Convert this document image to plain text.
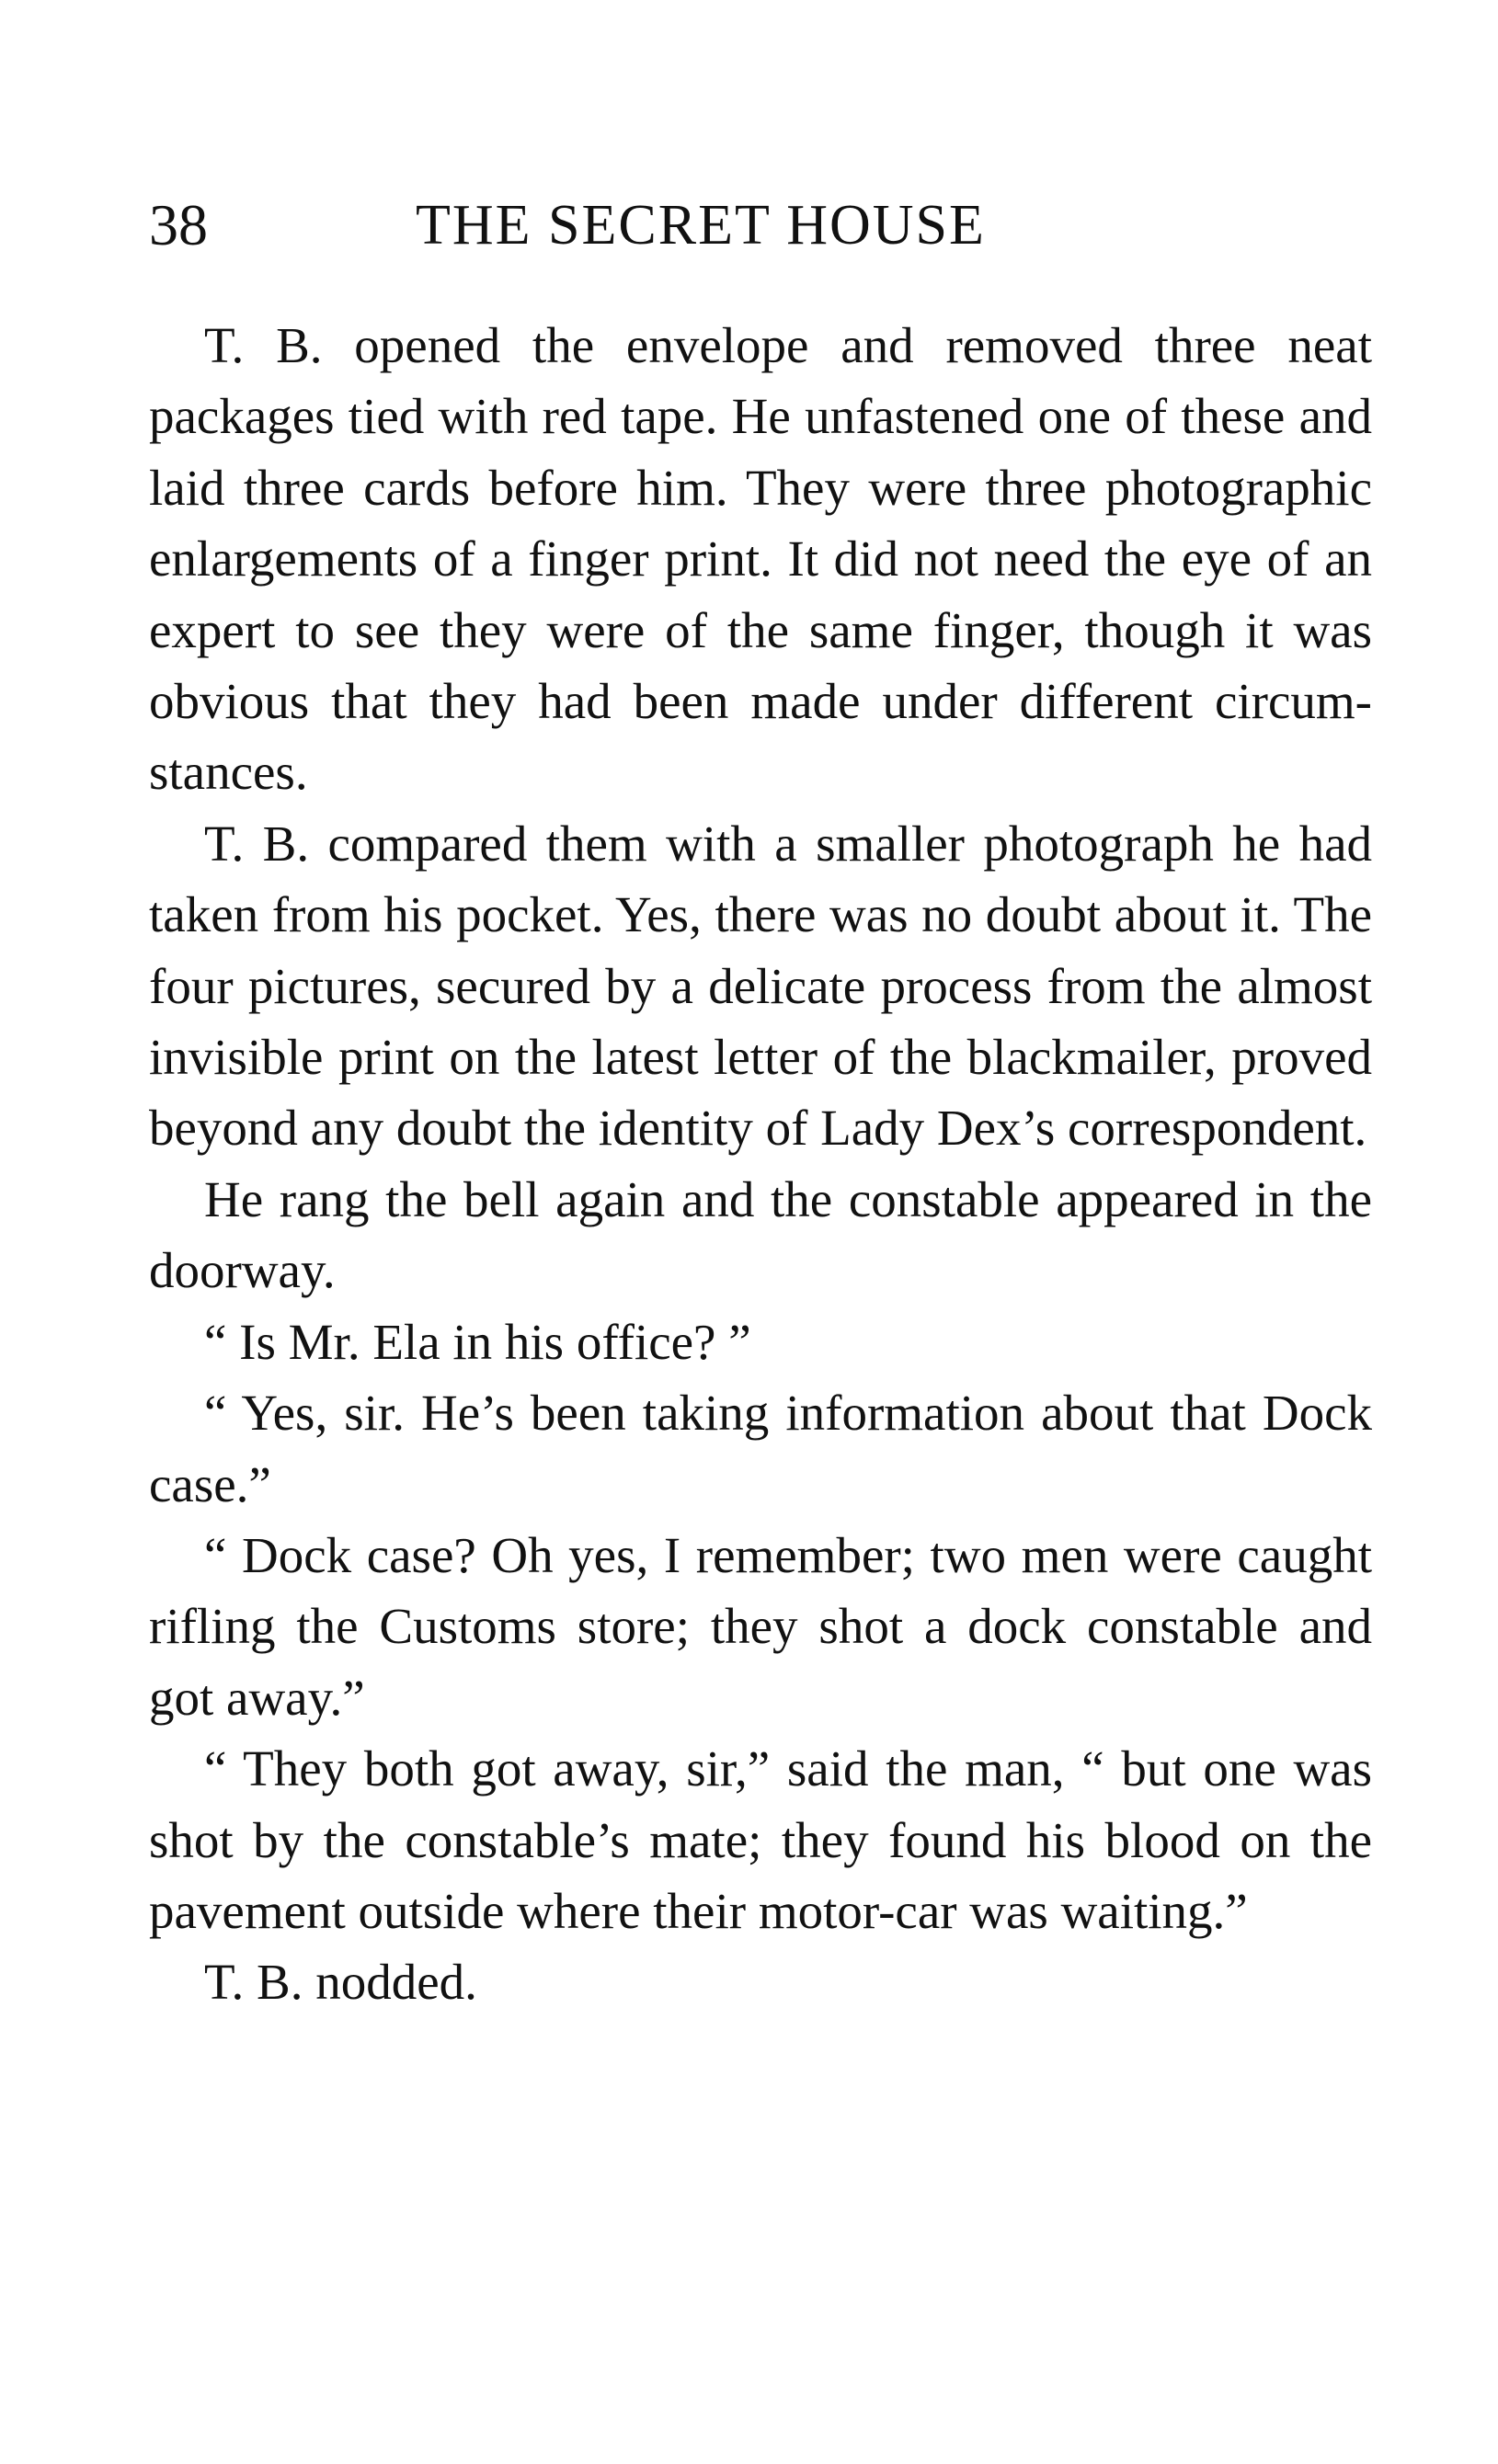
38	THE SECRET HOUSE

T. B. opened the envelope and removed three neat packages tied with red tape. He unfastened one of these and laid three cards before him. They were three photographic enlargements of a finger print. It did not need the eye of an expert to see they were of the same finger, though it was obvious that they had been made under different circumstances.

T. B. compared them with a smaller photograph he had taken from his pocket. Yes, there was no doubt about it. The four pictures, secured by a delicate process from the almost invisible print on the latest letter of the blackmailer, proved beyond any doubt the identity of Lady Dex’s correspondent.

He rang the bell again and the constable appeared in the doorway.

“ Is Mr. Ela in his office? ”

“ Yes, sir. He’s been taking information about that Dock case.”

“ Dock case? Oh yes, I remember; two men were caught rifling the Customs store; they shot a dock constable and got away.”

“ They both got away, sir,” said the man, “ but one was shot by the constable’s mate; they found his blood on the pavement outside where their motor-car was waiting.”

T. B. nodded.
